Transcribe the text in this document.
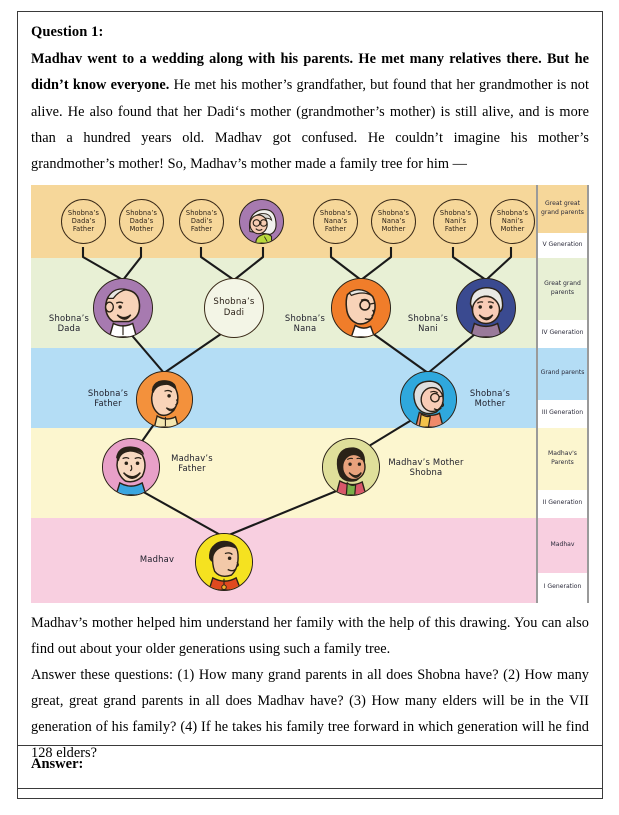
Question 1:

Madhav went to a wedding along with his parents. He met many relatives there. But he didn’t know everyone. He met his mother’s grandfather, but found that her grandmother is not alive. He also found that her Dadi‘s mother (grandmother’s mother) is still alive, and is more than a hundred years old. Madhav got confused. He couldn’t imagine his mother’s grandmother’s mother! So, Madhav’s mother made a family tree for him —

Shobna’s
Dada’s
Father
Shobna’s
Dada’s
Mother
Shobna’s
Dadi’s
Father
Shobna’s
Nana’s
Father
Shobna’s
Nana’s
Mother
Shobna’s
Nani’s
Father
Shobna’s
Nani’s
Mother
Shobna’s
Dada
Shobna’s
Dadi	Shobna’s
Nana
Shobna’s
Nani
Shobna’s
Father
Shobna’s
Mother
Madhav’s
Father
Madhav’s Mother
Shobna
Madhav
Great great
grand parents
V Generation
Great grand
parents
IV Generation
Grand parents
III Generation
Madhav's
Parents
II Generation
Madhav
I Generation

Madhav’s mother helped him understand her family with the help of this drawing. You can also find out about your older generations using such a family tree.

Answer these questions: (1) How many grand parents in all does Shobna have? (2) How many great, great grand parents in all does Madhav have? (3) How many elders will be in the VII generation of his family? (4) If he takes his family tree forward in which generation will he find 128 elders?

Answer:
